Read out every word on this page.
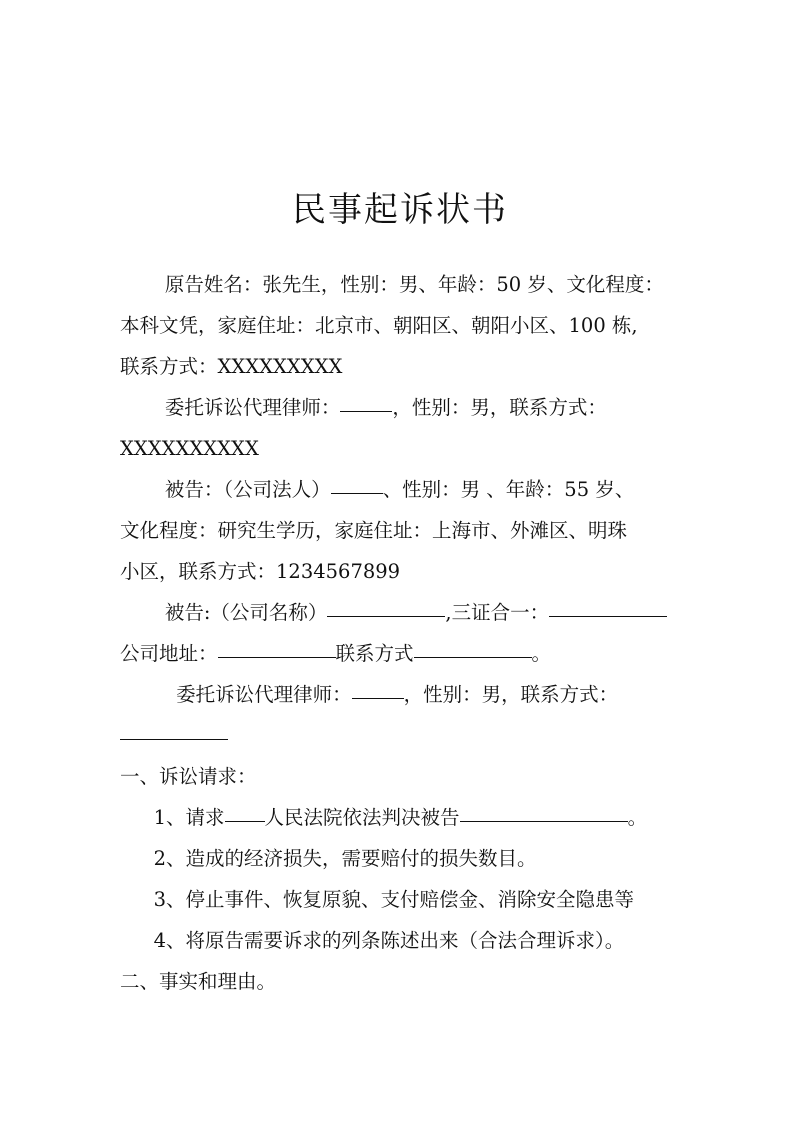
民事起诉状书
原告姓名：张先生，性别：男、年龄：50 岁、文化程度：
本科文凭，家庭住址：北京市、朝阳区、朝阳小区、100 栋,
联系方式：XXXXXXXXX
委托诉讼代理律师：	，性别：男，联系方式：
XXXXXXXXXX
被告：（公司法人）	、性别：男 、年龄：55 岁、
文化程度：研究生学历，家庭住址：上海市、外滩区、明珠
小区，联系方式：1234567899
被告:（公司名称）	,三证合一：
公司地址：	联系方式	。
委托诉讼代理律师：	，性别：男，联系方式：
一、诉讼请求：
1、请求 人民法院依法判决被告	。
2、造成的经济损失，需要赔付的损失数目。
3、停止事件、恢复原貌、支付赔偿金、消除安全隐患等
4、将原告需要诉求的列条陈述出来（合法合理诉求）。
二、事实和理由。
